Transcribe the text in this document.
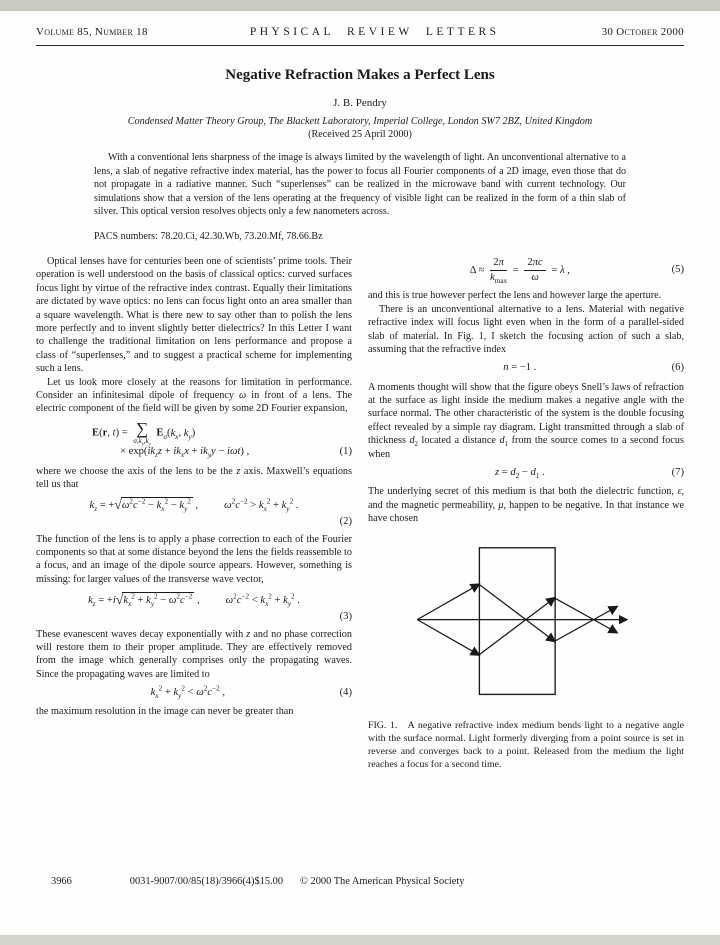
Volume 85, Number 18	PHYSICAL REVIEW LETTERS	30 October 2000
Negative Refraction Makes a Perfect Lens
J. B. Pendry
Condensed Matter Theory Group, The Blackett Laboratory, Imperial College, London SW7 2BZ, United Kingdom
(Received 25 April 2000)
With a conventional lens sharpness of the image is always limited by the wavelength of light. An unconventional alternative to a lens, a slab of negative refractive index material, has the power to focus all Fourier components of a 2D image, even those that do not propagate in a radiative manner. Such “superlenses” can be realized in the microwave band with current technology. Our simulations show that a version of the lens operating at the frequency of visible light can be realized in the form of a thin slab of silver. This optical version resolves objects only a few nanometers across.
PACS numbers: 78.20.Ci, 42.30.Wb, 73.20.Mf, 78.66.Bz

Optical lenses have for centuries been one of scientists’ prime tools. Their operation is well understood on the basis of classical optics: curved surfaces focus light by virtue of the refractive index contrast. Equally their limitations are dictated by wave optics: no lens can focus light onto an area smaller than a square wavelength. What is there new to say other than to polish the lens more perfectly and to invent slightly better dielectrics? In this Letter I want to challenge the traditional limitation on lens performance and propose a class of “superlenses,” and to suggest a practical scheme for implementing such a lens.

Let us look more closely at the reasons for limitation in performance. Consider an infinitesimal dipole of frequency ω in front of a lens. The electric component of the field will be given by some 2D Fourier expansion,

E(r, t) = ∑
$\sigma,k_x,k_y$
$E_\sigma(k_x$, $k_y$)
× $\exp(ik_zz + ik_xx + ik_yy - i\omega t)$ ,	(1)

where we choose the axis of the lens to be the z axis. Maxwell’s equations tell us that

$k_z = +√\omega^2c^{-2} - k_x^2 - k_y^2$ , $\omega^2c^{-2} > k_x^2 + k_y^2$ .
(2)

The function of the lens is to apply a phase correction to each of the Fourier components so that at some distance beyond the lens the fields reassemble to a focus, and an image of the dipole source appears. However, something is missing: for larger values of the transverse wave vector,

$k_z = +i√k_x^2 + k_y^2 - \omega^2c^{-2}$ , $\omega^2c^{-2} < k_x^2 + k_y^2$ .
(3)

These evanescent waves decay exponentially with z and no phase correction will restore them to their proper amplitude. They are effectively removed from the image which generally comprises only the propagating waves. Since the propagating waves are limited to

$k_x^2 + k_y^2 < \omega^2c^{-2}$ ,	(4)

the maximum resolution in the image can never be greater than

$\Delta \approx \frac{2\pi}{k_{max}} = \frac{2\pi c}{\omega} = \lambda$ ,	(5)

and this is true however perfect the lens and however large the aperture.

There is an unconventional alternative to a lens. Material with negative refractive index will focus light even when in the form of a parallel-sided slab of material. In Fig. 1, I sketch the focusing action of such a slab, assuming that the refractive index

n = −1 .	(6)

A moments thought will show that the figure obeys Snell’s laws of refraction at the surface as light inside the medium makes a negative angle with the surface normal. The other characteristic of the system is the double focusing effect revealed by a simple ray diagram. Light transmitted through a slab of thickness $d_2$ located a distance $d_1$ from the source comes to a second focus when

$z = d_2 - d_1$ .	(7)

The underlying secret of this medium is that both the dielectric function, ε, and the magnetic permeability, μ, happen to be negative. In that instance we have chosen

FIG. 1.   A negative refractive index medium bends light to a negative angle with the surface normal. Light formerly diverging from a point source is set in reverse and converges back to a point. Released from the medium the light reaches a focus for a second time.
3966	0031-9007/00/85(18)/3966(4)$15.00 © 2000 The American Physical Society
